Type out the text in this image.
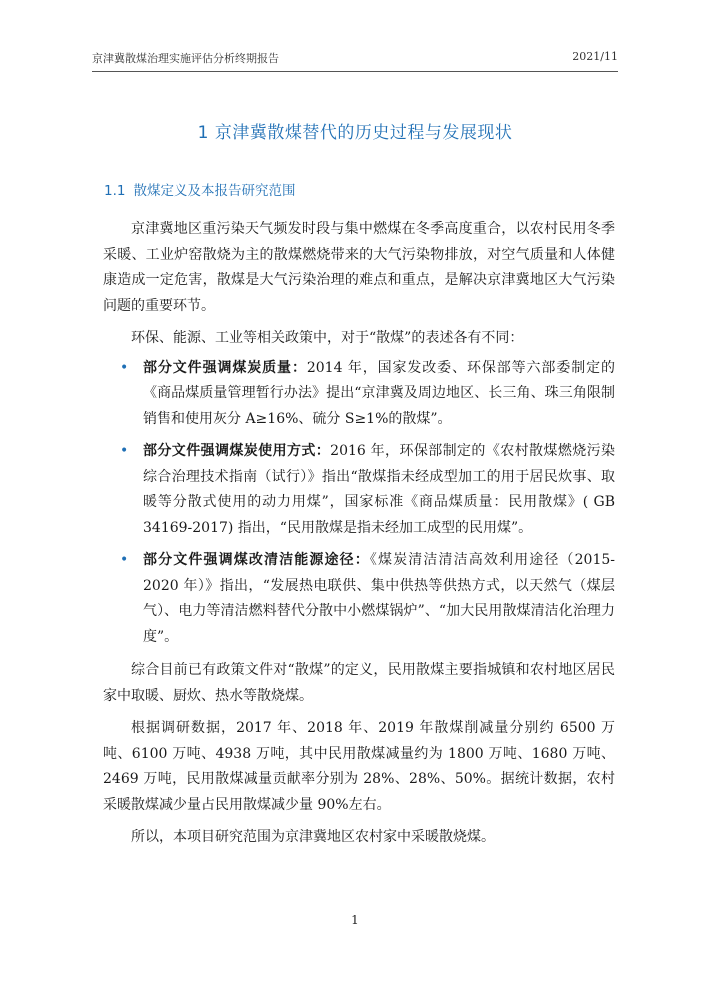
京津冀散煤治理实施评估分析终期报告	2021/11
1 京津冀散煤替代的历史过程与发展现状
1.1 散煤定义及本报告研究范围

京津冀地区重污染天气频发时段与集中燃煤在冬季高度重合，以农村民用冬季采暖、工业炉窑散烧为主的散煤燃烧带来的大气污染物排放，对空气质量和人体健康造成一定危害，散煤是大气污染治理的难点和重点，是解决京津冀地区大气污染问题的重要环节。

环保、能源、工业等相关政策中，对于“散煤”的表述各有不同：

• 部分文件强调煤炭质量：2014 年，国家发改委、环保部等六部委制定的《商品煤质量管理暂行办法》提出“京津冀及周边地区、长三角、珠三角限制销售和使用灰分 A≥16%、硫分 S≥1%的散煤”。
• 部分文件强调煤炭使用方式：2016 年，环保部制定的《农村散煤燃烧污染综合治理技术指南（试行）》指出“散煤指未经成型加工的用于居民炊事、取暖等分散式使用的动力用煤”，国家标准《商品煤质量：民用散煤》( GB 34169-2017) 指出，“民用散煤是指未经加工成型的民用煤”。
• 部分文件强调煤改清洁能源途径：《煤炭清洁清洁高效利用途径（2015-2020 年）》指出，“发展热电联供、集中供热等供热方式，以天然气（煤层气）、电力等清洁燃料替代分散中小燃煤锅炉”、“加大民用散煤清洁化治理力度”。

综合目前已有政策文件对“散煤”的定义，民用散煤主要指城镇和农村地区居民家中取暖、厨炊、热水等散烧煤。

根据调研数据，2017 年、2018 年、2019 年散煤削减量分别约 6500 万吨、6100 万吨、4938 万吨，其中民用散煤减量约为 1800 万吨、1680 万吨、2469 万吨，民用散煤减量贡献率分别为 28%、28%、50%。据统计数据，农村采暖散煤减少量占民用散煤减少量 90%左右。

所以，本项目研究范围为京津冀地区农村家中采暖散烧煤。

1
